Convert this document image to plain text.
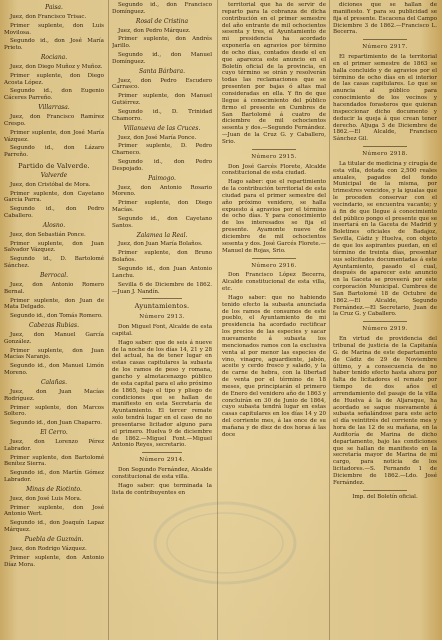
Paisa.

Juez, don Francisco Trisac.

Primer suplente, don Luis Movilosa.

Segundo id., don José María Prieto.

Rociana.

Juez, don Diego Muñoz y Muñoz.

Primer suplente, don Diego Acosta López.

Segundo id., don Eugenio Cáceres Parreño.

Villarrasa.

Juez, don Francisco Ramírez Crespo.

Primer suplente, don José María Vázquez.

Segundo id., don Lázaro Parreño.

Partido de Valverde.

Valverde

Juez, don Cristóbal de Mora.

Primer suplente, don Cayetano García Parra.

Segundo id., don Pedro Caballero.

Alosno.

Juez, don Sebastián Ponce.

Primer suplente, don Juan Salvador Vázquez.

Segundo id., D. Bartolomé Sánchez.

Berrocal.

Juez, don Antonio Romero Bernal.

Primer suplente, don Juan de Mata Delgado.

Segundo id., don Tomás Romero.

Cabezas Rubias.

Juez, don Manuel García González.

Primer suplente, don Juan Macías Naranjo.

Segundo id., don Manuel Limón Moreno.

Calañas.

Juez, don Juan Macías Rodríguez.

Primer suplente, don Marcos Soltero.

Segundo id., don Juan Chaparro.

El Cerro.

Juez, don Lorenzo Pérez Labrador.

Primer suplente, don Bartolomé Benítez Sierra.

Segundo id., don Martín Gómez Labrador.

Minas de Riotinto.

Juez, don José Luis Mora.

Primer suplente, don José Antonio Wert.

Segundo id., don Joaquín Lapaz Márquez.

Puebla de Guzmán.

Juez, don Rodrigo Vázquez.

Primer suplente, don Antonio Díaz Mora.

Segundo id., don Francisco Domínguez.

Rosal de Cristina

Juez, don Pedro Márquez.

Primer suplente, don Andrés Jarillo.

Segundo id., don Manuel Domínguez.

Santa Bárbara.

Juez, don Pedro Escudero Carrasco.

Primer suplente, don Manuel Gutiérrez.

Segundo id., D. Trinidad Chamorro.

Villanueva de las Cruces.

Juez, don José María Ponce.

Primer suplente, D. Pedro Charneco.

Segundo id., don Pedro Despojado.

Paimogo.

Juez, don Antonio Rosario Moreno.

Primer suplente, don Diego Macías.

Segundo id., don Cayetano Santos.

Zalamea la Real.

Juez, don Juan María Bolaños.

Primer suplente, don Bruno Bolaños.

Segundo id., don Juan Antonio Lanchu.

Sevilla 6 de Diciembre de 1862.—Juan J. Nandín.

Ayuntamientos.

Número 2913.

Don Miguel Font, Alcalde de esta capital.

Hago saber: que de seis á nueve de la noche de los días 14, 21 y 28 del actual, ha de tener lugar en estas casas capitulares la subasta de los ramos de peso y romana, gancho y almotacenazgo público de esta capital para el año próximo de 1865, bajo el tipo y pliego de condiciones que se hallan de manifiesto en esta Secretaría de Ayuntamiento. El tercer remate solo tendrá lugar en el caso de no presentarse licitador alguno para el primero. Huelva 9 de diciembre de 1862.—Miguel Font.—Miguel Antonio Reyes, secretario.

Número 2914.

Don Segundo Fernández, Alcalde constitucional de esta villa.

Hago saber: que terminada la lista de contribuyentes en

territorial que ha de servir de reparto para la cobranza de dicha contribución en el primer semestre del año entrante de mil ochocientos sesenta y tres, el Ayuntamiento de mi presidencia ha acordado exponerla en agravios por término de ocho días, contados desde el en que aparezca este anuncio en el Boletín oficial de la provincia, en cuyo término se oirán y resolverán todas las reclamaciones que se presenten por bajas ó altas mal consideradas en ella. Y fin de que llegue á conocimiento del público firmo el presente en Cumbres de San Bartolomé á cuatro de diciembre de mil ochocientos sesenta y dos.—Segundo Fernández.—Juan de la Cruz G. y Caballero, Srio.

Número 2915.

Don José Garcés Florete, Alcalde constitucional de esta ciudad.

Hago saber: que el repartimiento de la contribución territorial de esta ciudad para el primer semestre del año próximo venidero, se halla expuesto á agravios por el término de ocho días. Y para conocimiento de los interesados se fija el presente. Ayamonte nueve de diciembre de mil ochocientos sesenta y dos. José Garcés Florete.—Manuel de Rojas, Srio.

Número 2916.

Don Francisco López Becerra, Alcalde constitucional de esta villa, etc.

Hago saber: que no habiendo tenido efecto la subasta anunciada de los ramos de consumos de este pueblo, el Ayuntamiento de mi presidencia ha acordado rectificar los precios de las especies y sacar nuevamente á subasta los mencionados ramos con la exclusiva venta al por menor las especies de vino, vinagre, aguardiente, jabón, aceite y cerdo fresco y salado, y la de carne de hebra, con la libertad de venta por el término de 18 meses, que principiarán el primero de Enero del venidero año de 1863 y concluirán en 30 de Junio de 1864, cuyo subasta tendrá lugar en estas casas capitulares en los días 14 y 20 del corriente mes, á las once de su mañana y de diez de dos horas á las doce

diciones que se hallan de manifiesto. Y para su publicidad se fija el presente. Escacena del Campo Diciembre 3 de 1862.—Francisco L. Becerra.

Número 2917.

El repartimiento de la territorial en el primer semestre de 1863 se halla concluido y de agravios por el término de ocho días en el interior de las casas capitulares. Lo que se anuncia al público para conocimiento de los vecinos y hacendados forasteros que quieran inspeccionar dicho documento y deducir la queja á que crean tener derecho. Aljuga 3 de Diciembre de 1862.—El Alcalde, Francisco Sánchez Gil.

Número 2918.

La titular de medicina y cirugía de esta villa, dotada con 2,500 reales anuales, pagados del fondo Municipal de la misma, por trimestres vencidos, y la igualas que le proceden conservar con el vecindario, se encuentra vacante; y á fin de que llegue á conocimiento del público pongo el presente que se insertará en la Gaceta de Madrid y Boletines oficiales de Badajoz, Sevilla, Cádiz y Huelva, con objeto de que los aspirantes puedan, en el término de treinta días, presentar sus solicitudes documentadas á este Ayuntamiento, pasado el cual, después de aparecer este anuncio en la Gaceta se proveerá por este corporación Municipal. Cumbres de San Bartolomé 18 de Octubre de 1862.—El Alcalde, Segundo Fernández.—El Secretario, Juan de la Cruz G. y Caballero.

Número 2919.

En virtud de providencia del tribunal de justicia de la Capitanía G. de Marina de este departamento de Cádiz de 29 de Noviembre último, y a consecuencia de no haber tenido efecto hasta ahora por falta de licitadores el remate por tiempo de dos años el arrendamiento del pasaje de la villa de Huelva á la de Aljaraque, ha acordado se saque nuevamente á subasta señalándose para este acto el día veintitrés del corriente mes y hora de las 12 de su mañana, en la Auditoría de Marina de dicho departamento, bajo las condiciones que se hallan de manifiesto en la secretaría mayor de Marina de mi cargo, para noticia de los licitadores.—S. Fernando 1 de Diciembre de 1862.—Ldo. José Fernández.

Imp. del Boletín oficial.
